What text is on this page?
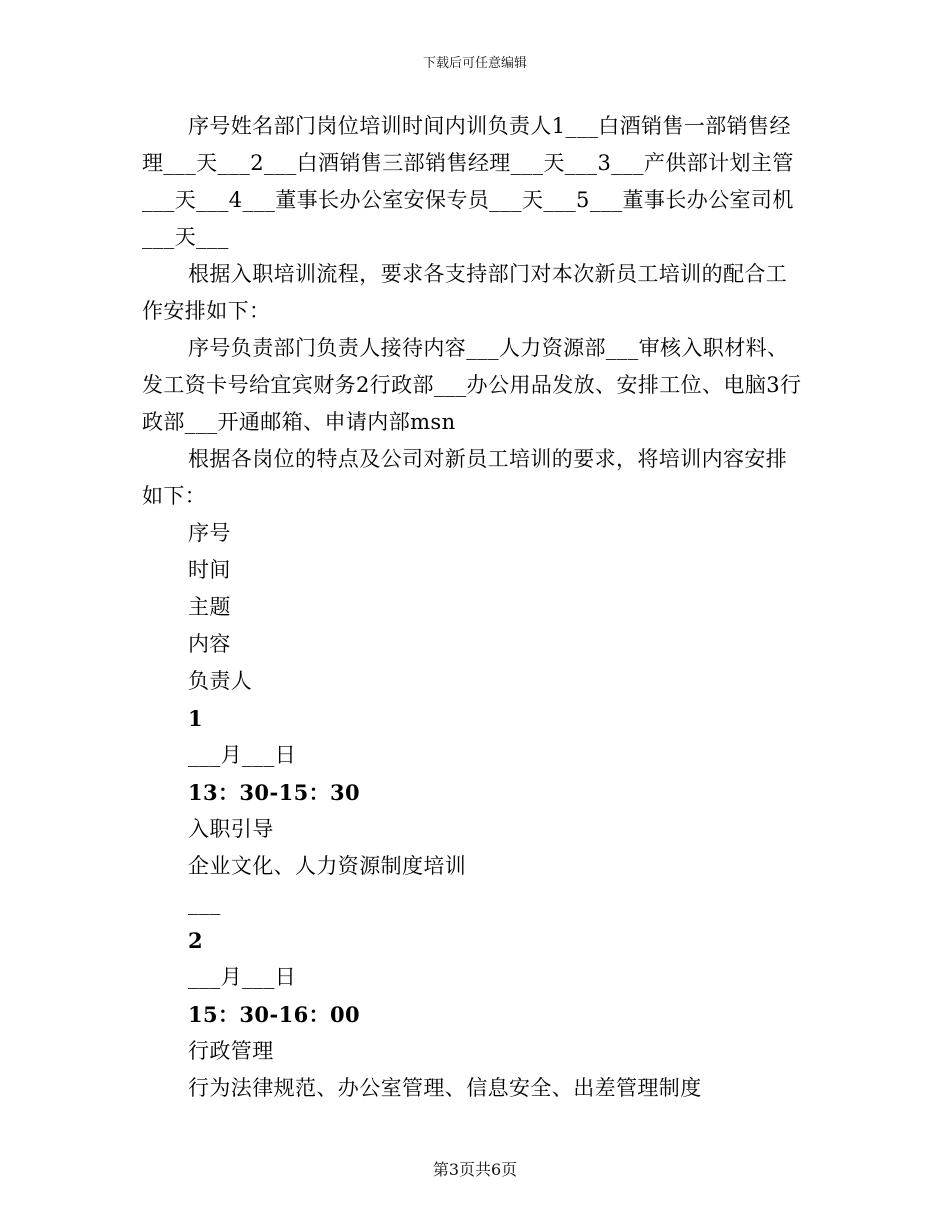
下载后可任意编辑

序号姓名部门岗位培训时间内训负责人1___白酒销售一部销售经理___天___2___白酒销售三部销售经理___天___3___产供部计划主管___天___4___董事长办公室安保专员___天___5___董事长办公室司机___天___

根据入职培训流程，要求各支持部门对本次新员工培训的配合工作安排如下：

序号负责部门负责人接待内容___人力资源部___审核入职材料、发工资卡号给宜宾财务2行政部___办公用品发放、安排工位、电脑3行政部___开通邮箱、申请内部msn

根据各岗位的特点及公司对新员工培训的要求，将培训内容安排如下：

序号

时间

主题

内容

负责人

1

___月___日

13：30-15：30

入职引导

企业文化、人力资源制度培训

___

2

___月___日

15：30-16：00

行政管理

行为法律规范、办公室管理、信息安全、出差管理制度

第3页共6页
